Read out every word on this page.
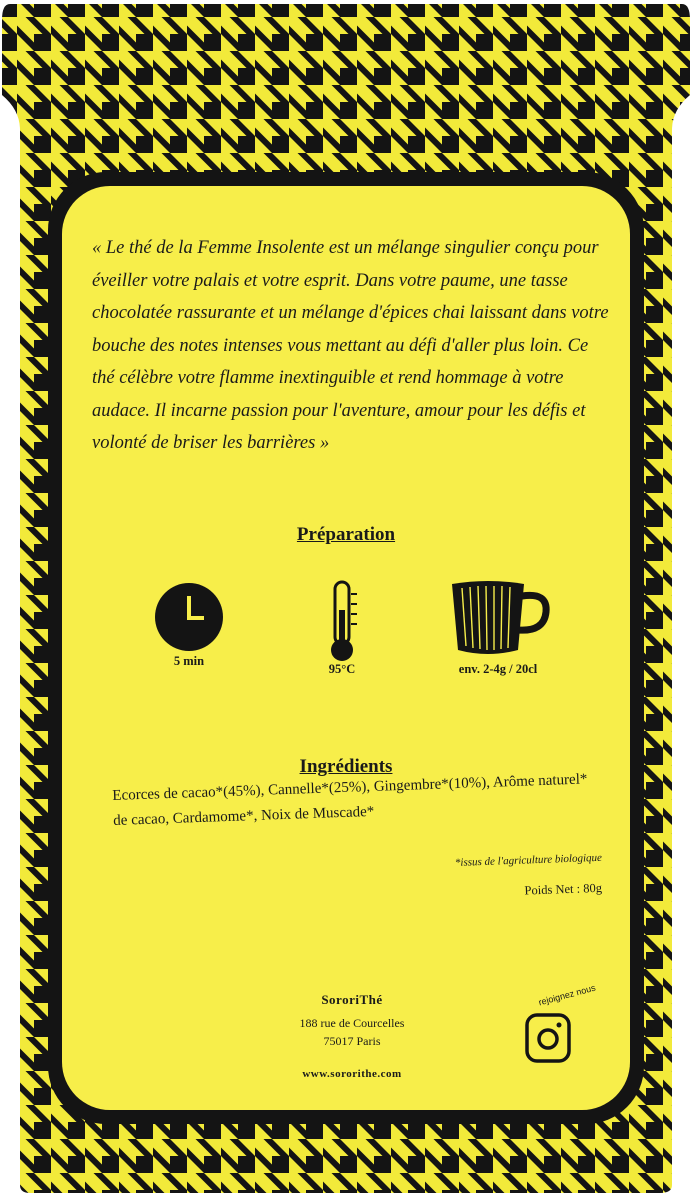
« Le thé de la Femme Insolente est un mélange singulier conçu pour éveiller votre palais et votre esprit. Dans votre paume, une tasse chocolatée rassurante et un mélange d'épices chai laissant dans votre bouche des notes intenses vous mettant au défi d'aller plus loin. Ce thé célèbre votre flamme inextinguible et rend hommage à votre audace. Il incarne passion pour l'aventure, amour pour les défis et volonté de briser les barrières »

Préparation
5 min
95°C	env. 2-4g / 20cl
Ingrédients

Ecorces de cacao*(45%), Cannelle*(25%), Gingembre*(10%), Arôme naturel* de cacao, Cardamome*, Noix de Muscade*

*issus de l'agriculture biologique
Poids Net : 80g
SororiThé
188 rue de Courcelles
75017 Paris
www.sororithe.com
rejoignez nous
